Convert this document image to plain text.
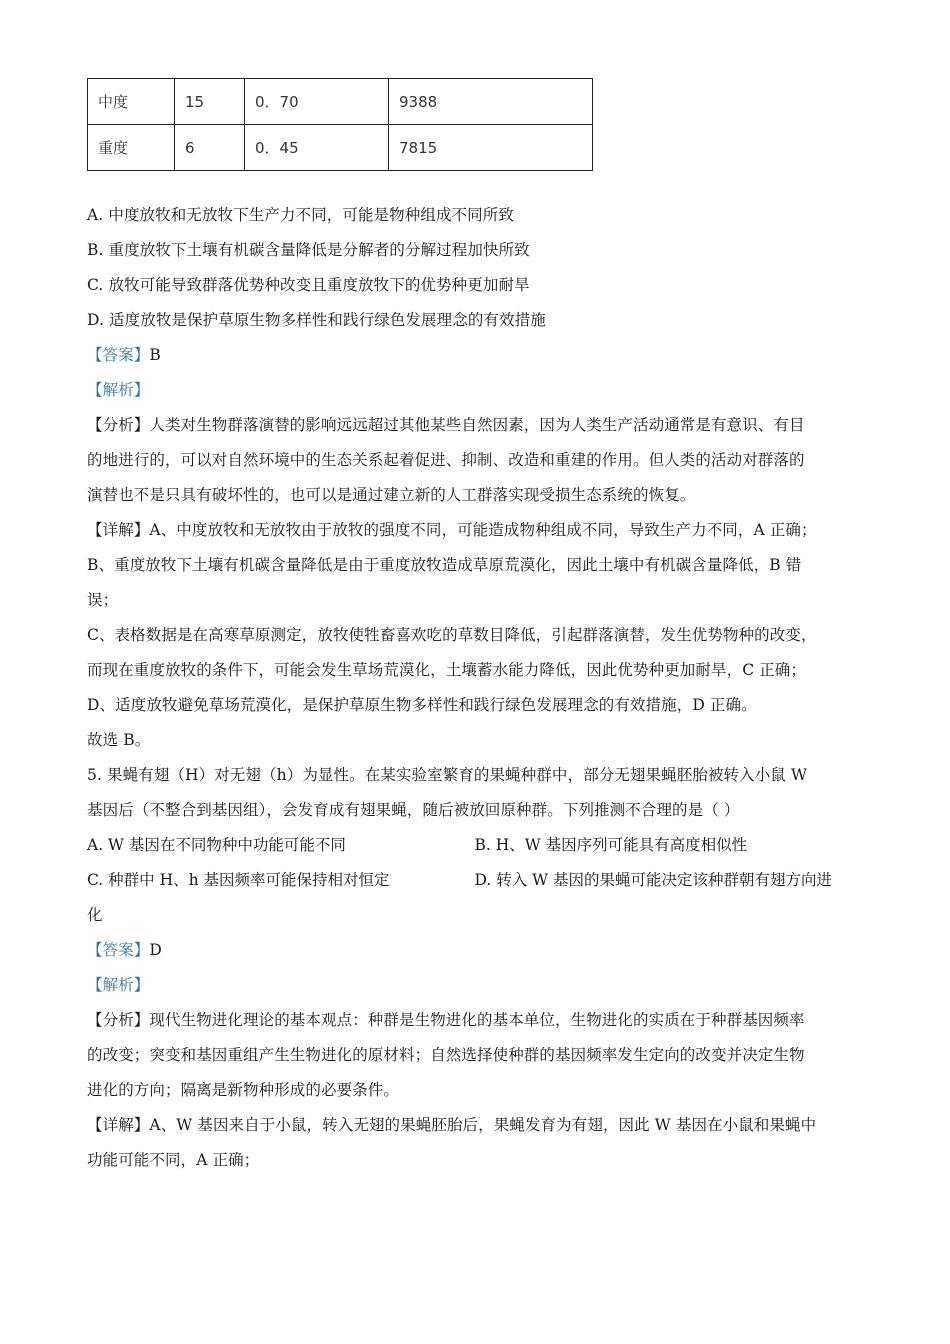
中度	15	0．70	9388
重度	6	0．45	7815
A. 中度放牧和无放牧下生产力不同，可能是物种组成不同所致
B. 重度放牧下土壤有机碳含量降低是分解者的分解过程加快所致
C. 放牧可能导致群落优势种改变且重度放牧下的优势种更加耐旱
D. 适度放牧是保护草原生物多样性和践行绿色发展理念的有效措施
【答案】B
【解析】
【分析】人类对生物群落演替的影响远远超过其他某些自然因素，因为人类生产活动通常是有意识、有目
的地进行的，可以对自然环境中的生态关系起着促进、抑制、改造和重建的作用。但人类的活动对群落的
演替也不是只具有破坏性的，也可以是通过建立新的人工群落实现受损生态系统的恢复。
【详解】A、中度放牧和无放牧由于放牧的强度不同，可能造成物种组成不同，导致生产力不同，A 正确；
B、重度放牧下土壤有机碳含量降低是由于重度放牧造成草原荒漠化，因此土壤中有机碳含量降低，B 错
误；
C、表格数据是在高寒草原测定，放牧使牲畜喜欢吃的草数目降低，引起群落演替，发生优势物种的改变，
而现在重度放牧的条件下，可能会发生草场荒漠化，土壤蓄水能力降低，因此优势种更加耐旱，C 正确；
D、适度放牧避免草场荒漠化，是保护草原生物多样性和践行绿色发展理念的有效措施，D 正确。
故选 B。
5. 果蝇有翅（H）对无翅（h）为显性。在某实验室繁育的果蝇种群中，部分无翅果蝇胚胎被转入小鼠 W
基因后（不整合到基因组），会发育成有翅果蝇，随后被放回原种群。下列推测不合理的是（ ）
A. W 基因在不同物种中功能可能不同	B. H、W 基因序列可能具有高度相似性
C. 种群中 H、h 基因频率可能保持相对恒定	D. 转入 W 基因的果蝇可能决定该种群朝有翅方向进
化
【答案】D
【解析】
【分析】现代生物进化理论的基本观点：种群是生物进化的基本单位，生物进化的实质在于种群基因频率
的改变；突变和基因重组产生生物进化的原材料；自然选择使种群的基因频率发生定向的改变并决定生物
进化的方向；隔离是新物种形成的必要条件。
【详解】A、W 基因来自于小鼠，转入无翅的果蝇胚胎后，果蝇发育为有翅，因此 W 基因在小鼠和果蝇中
功能可能不同，A 正确；
